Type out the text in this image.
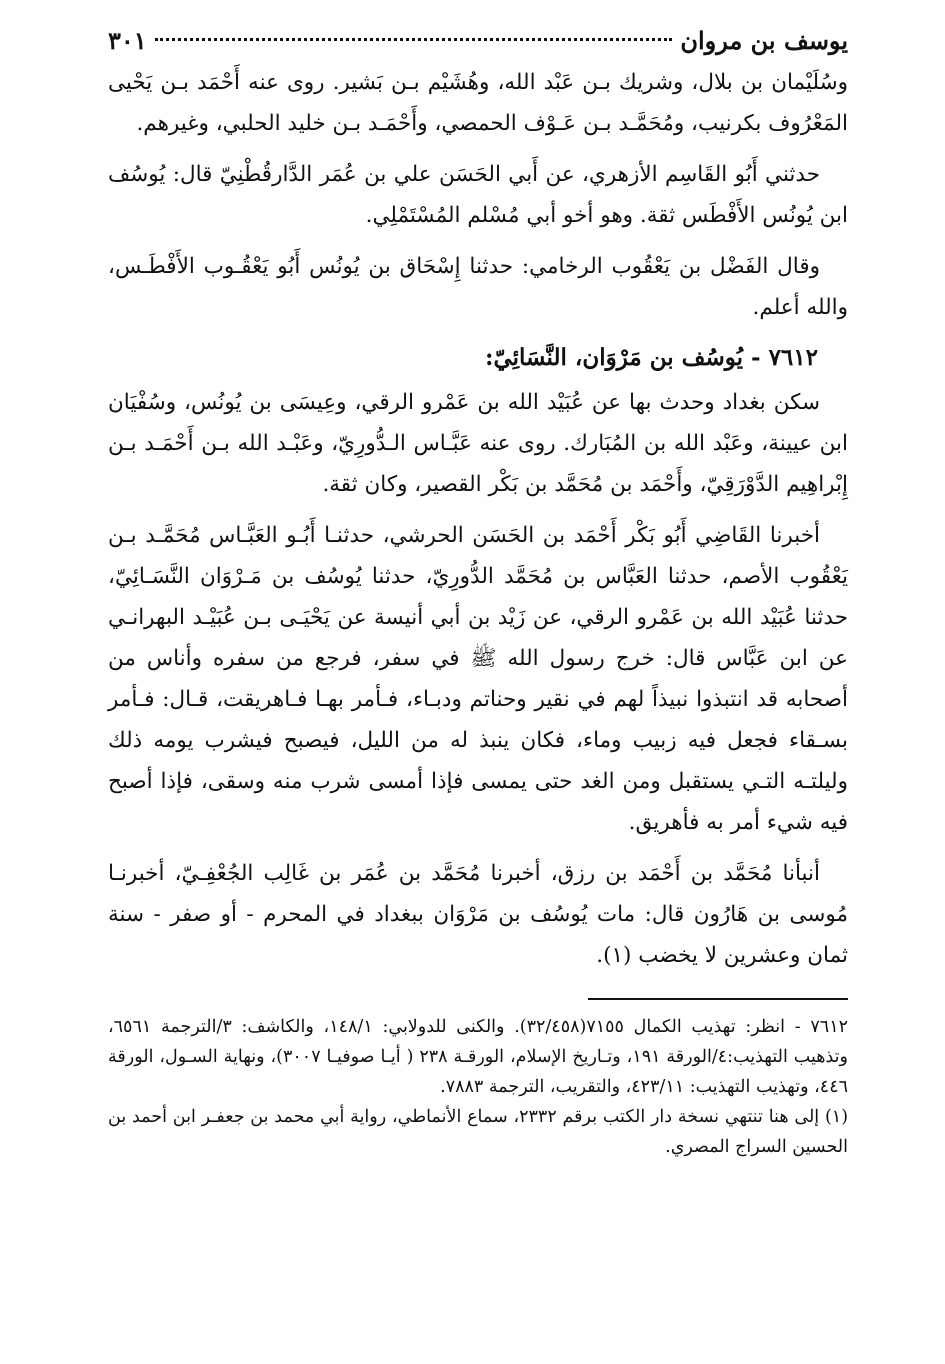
يوسف بن مروان
٣٠١

وسُلَيْمان بن بلال، وشريك بـن عَبْد الله، وهُشَيْم بـن بَشير. روى عنه أَحْمَد بـن يَحْيى المَعْرُوف بكرنيب، ومُحَمَّـد بـن عَـوْف الحمصي، وأَحْمَـد بـن خليد الحلبي، وغيرهم.

حدثني أَبُو القَاسِم الأزهري، عن أَبي الحَسَن علي بن عُمَر الدَّارقُطْنِيّ قال: يُوسُف ابن يُونُس الأَفْطَس ثقة. وهو أخو أبي مُسْلم المُسْتَمْلِي.

وقال الفَضْل بن يَعْقُوب الرخامي: حدثنا إِسْحَاق بن يُونُس أَبُو يَعْقُـوب الأَفْطَـس، والله أعلم.

٧٦١٢ - يُوسُف بن مَرْوَان، النَّسَائِيّ:

سكن بغداد وحدث بها عن عُبَيْد الله بن عَمْرو الرقي، وعِيسَى بن يُونُس، وسُفْيَان ابن عيينة، وعَبْد الله بن المُبَارك. روى عنه عَبَّـاس الـدُّورِيّ، وعَبْـد الله بـن أَحْمَـد بـن إِبْراهِيم الدَّوْرَقِيّ، وأَحْمَد بن مُحَمَّد بن بَكْر القصير، وكان ثقة.

أخبرنا القَاضِي أَبُو بَكْر أَحْمَد بن الحَسَن الحرشي، حدثنـا أَبُـو العَبَّـاس مُحَمَّـد بـن يَعْقُوب الأصم، حدثنا العَبَّاس بن مُحَمَّد الدُّورِيّ، حدثنا يُوسُف بن مَـرْوَان النَّسَـائِيّ، حدثنا عُبَيْد الله بن عَمْرو الرقي، عن زَيْد بن أبي أنيسة عن يَحْيَـى بـن عُبَيْـد البهرانـي عن ابن عَبَّاس قال: خرج رسول الله ﷺ في سفر، فرجع من سفره وأناس من أصحابه قد انتبذوا نبيذاً لهم في نقير وحناتم ودبـاء، فـأمر بهـا فـاهريقت، قـال: فـأمر بسـقاء فجعل فيه زبيب وماء، فكان ينبذ له من الليل، فيصبح فيشرب يومه ذلك وليلتـه التـي يستقبل ومن الغد حتى يمسى فإذا أمسى شرب منه وسقى، فإذا أصبح فيه شيء أمر به فأهريق.

أنبأنا مُحَمَّد بن أَحْمَد بن رزق، أخبرنا مُحَمَّد بن عُمَر بن غَالِب الجُعْفِـيّ، أخبرنـا مُوسى بن هَارُون قال: مات يُوسُف بن مَرْوَان ببغداد في المحرم - أو صفر - سنة ثمان وعشرين لا يخضب (١).

٧٦١٢ - انظر: تهذيب الكمال ٧١٥٥(٣٢/٤٥٨). والكنى للدولابي: ١٤٨/١، والكاشف: ٣/الترجمة ٦٥٦١، وتذهيب التهذيب:٤/الورقة ١٩١، وتـاريخ الإسلام، الورقـة ٢٣٨ ( أيـا صوفيـا ٣٠٠٧)، ونهاية السـول، الورقة ٤٤٦، وتهذيب التهذيب: ٤٢٣/١١، والتقريب، الترجمة ٧٨٨٣.

(١) إلى هنا تنتهي نسخة دار الكتب برقم ٢٣٣٢، سماع الأنماطي، رواية أبي محمد بن جعفـر ابن أحمد بن الحسين السراج المصري.
